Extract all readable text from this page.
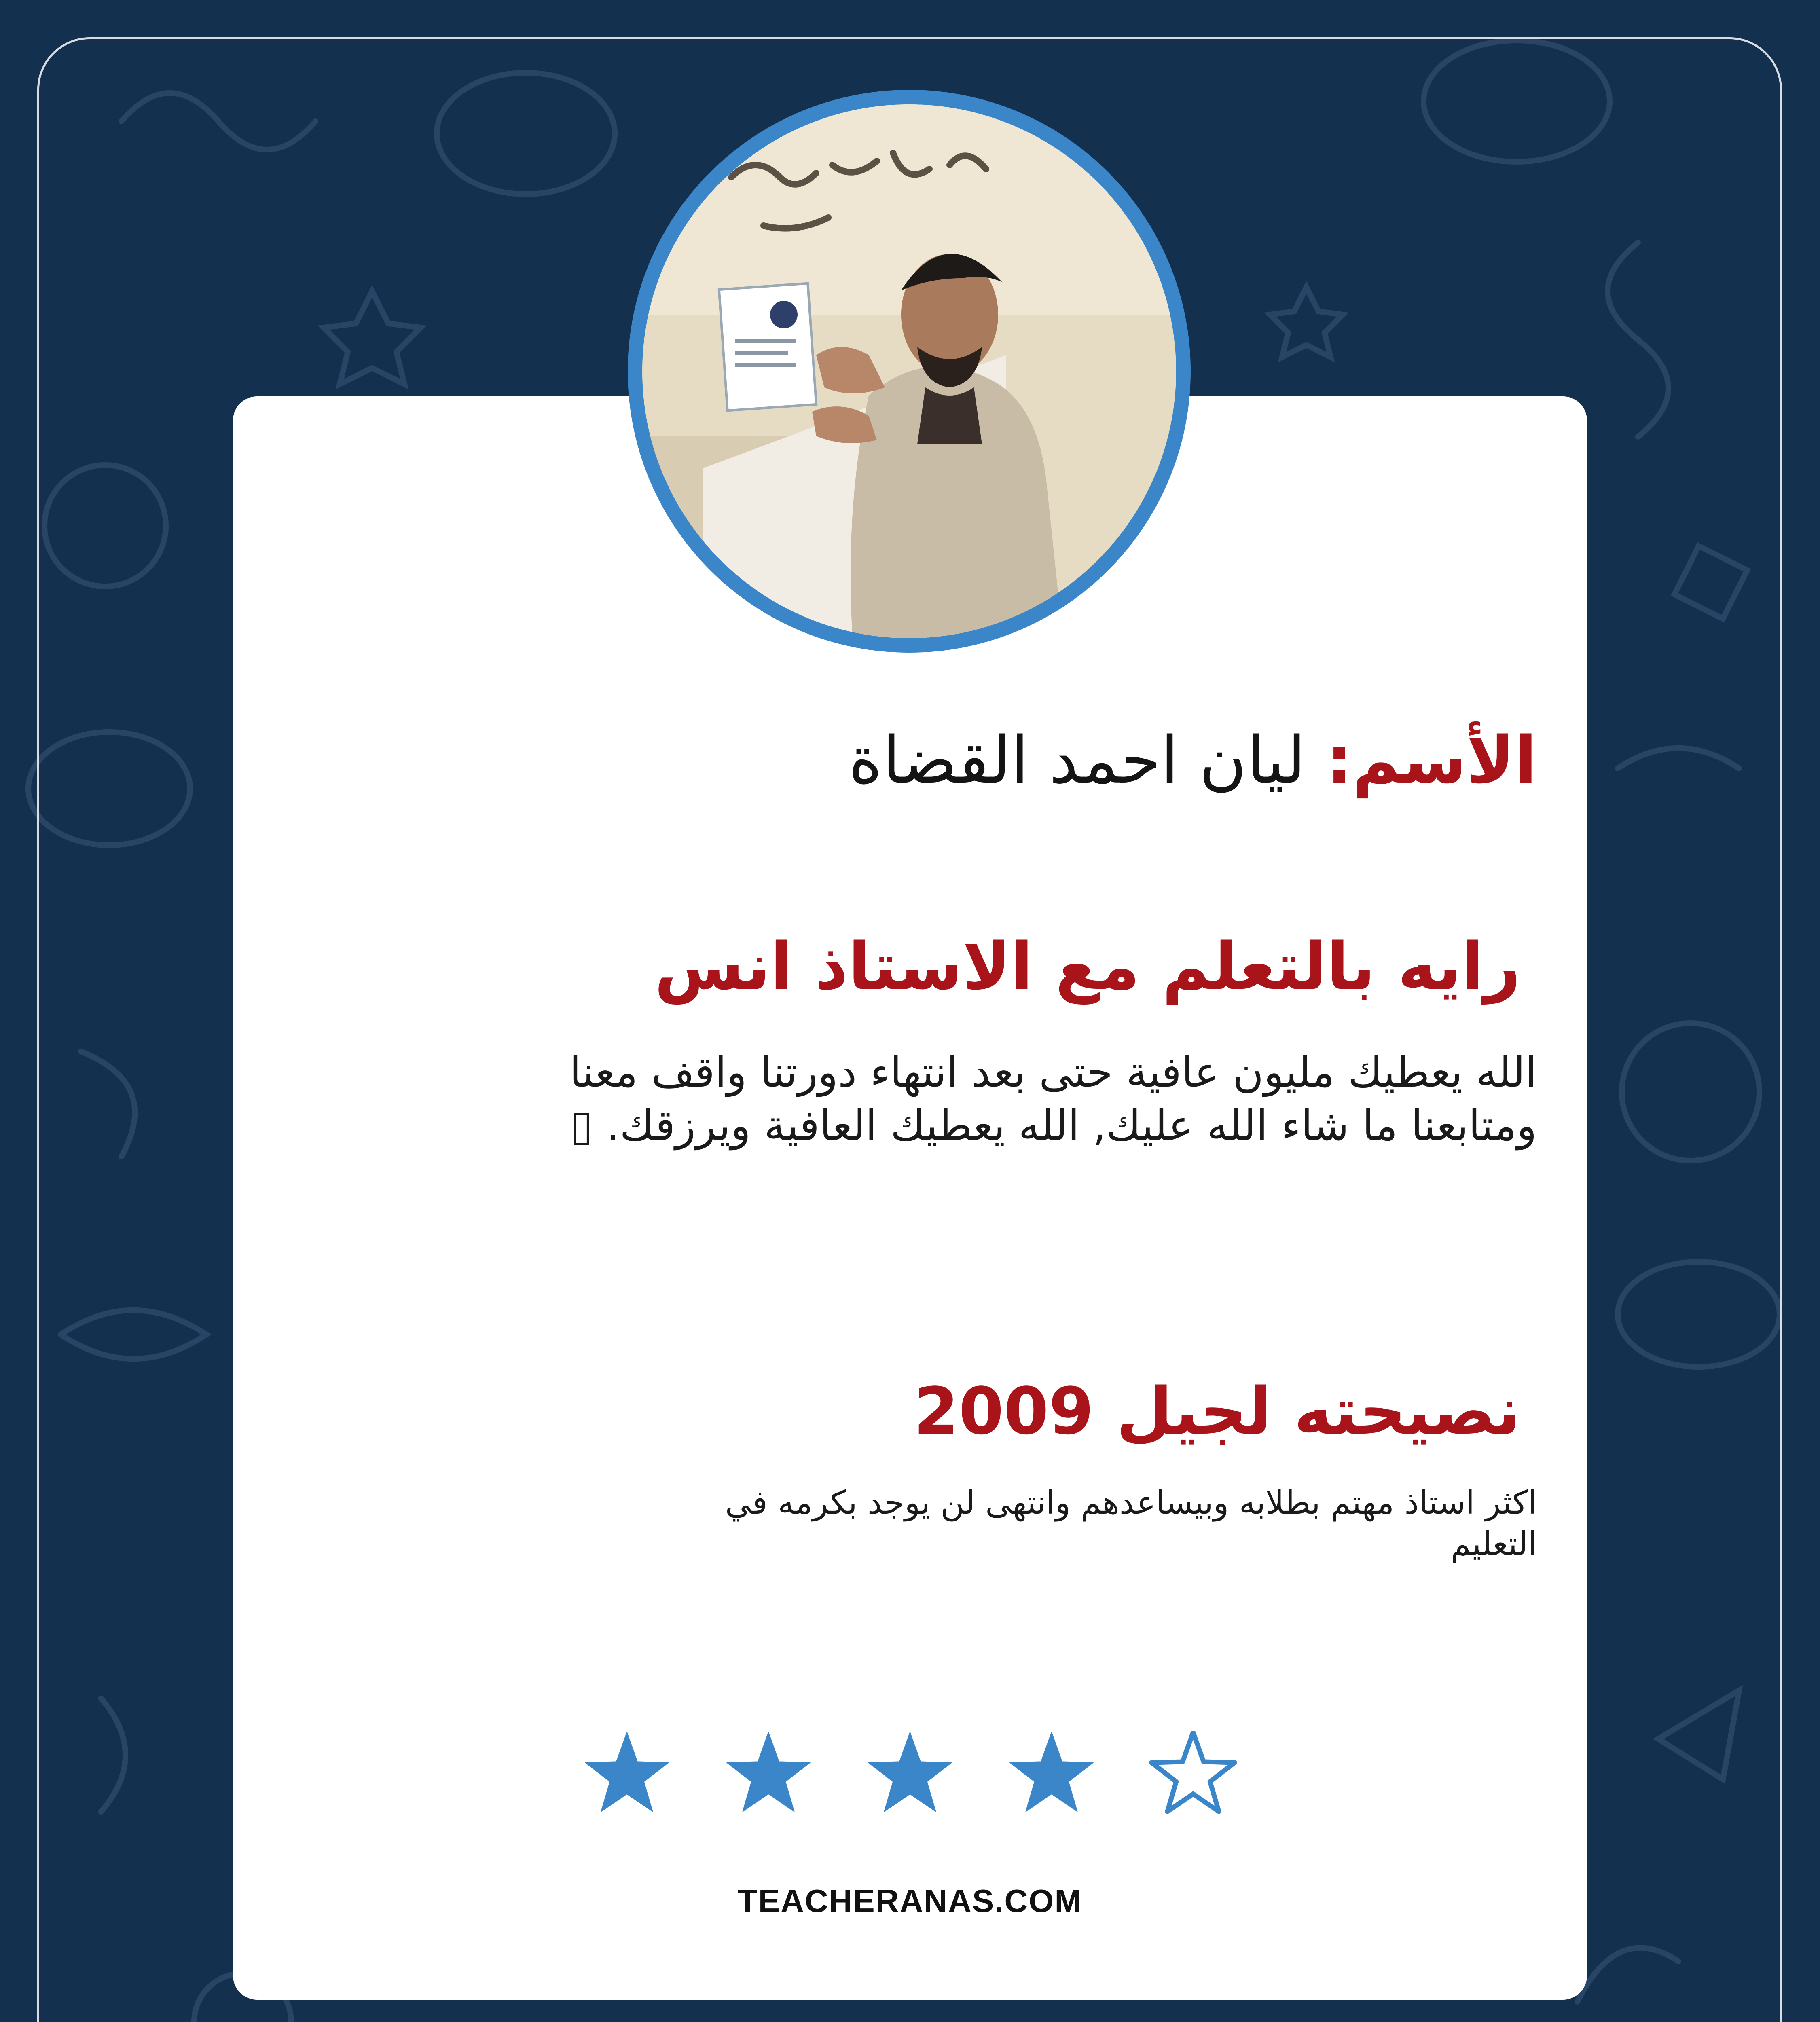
الأسم: ليان احمد القضاة
رايه بالتعلم مع الاستاذ انس
الله يعطيك مليون عافية حتى بعد انتهاء دورتنا واقف معنا
ومتابعنا ما شاء الله عليك, الله يعطيك العافية ويرزقك. ▯
نصيحته لجيل 2009
اكثر استاذ مهتم بطلابه وبيساعدهم وانتهى لن يوجد بكرمه في
التعليم
TEACHERANAS.COM
